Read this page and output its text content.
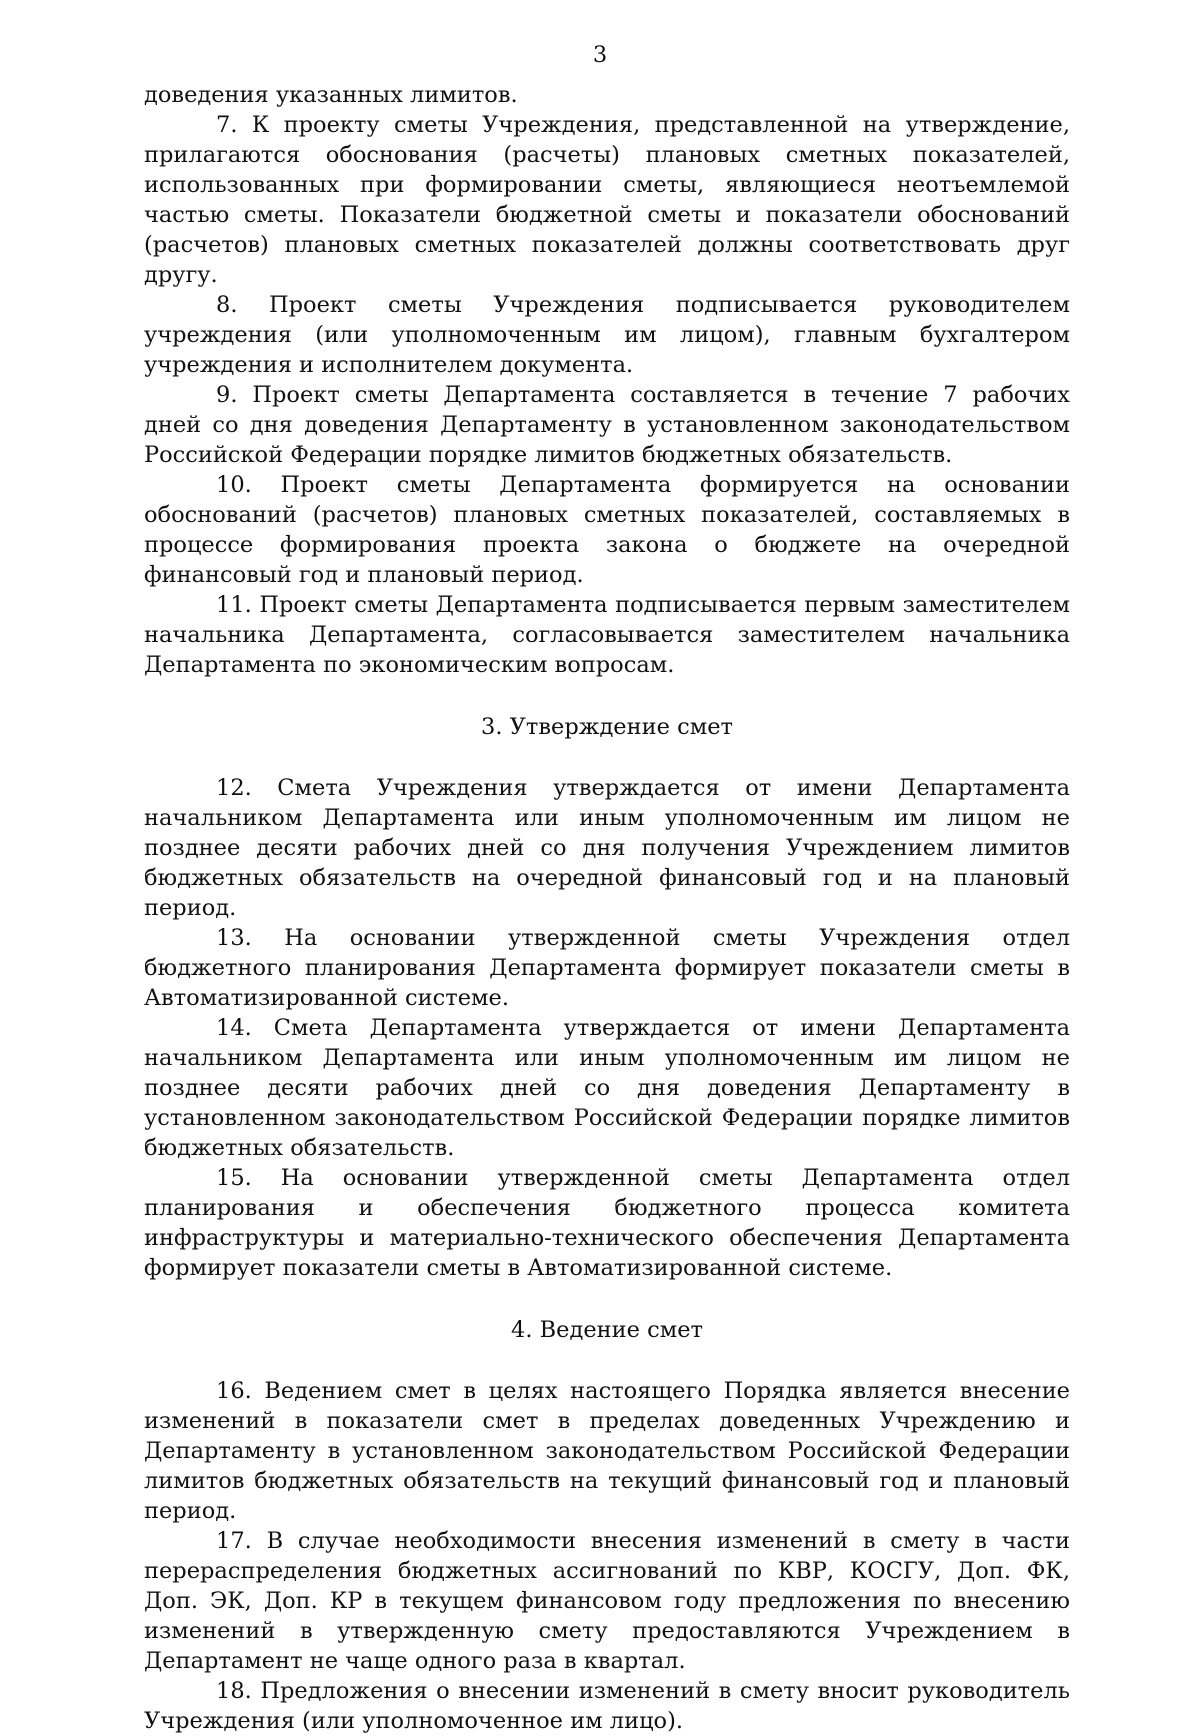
3

доведения указанных лимитов.

7. К проекту сметы Учреждения, представленной на утверждение, прилагаются обоснования (расчеты) плановых сметных показателей, использованных при формировании сметы, являющиеся неотъемлемой частью сметы. Показатели бюджетной сметы и показатели обоснований (расчетов) плановых сметных показателей должны соответствовать друг другу.

8. Проект сметы Учреждения подписывается руководителем учреждения (или уполномоченным им лицом), главным бухгалтером учреждения и исполнителем документа.

9. Проект сметы Департамента составляется в течение 7 рабочих дней со дня доведения Департаменту в установленном законодательством Российской Федерации порядке лимитов бюджетных обязательств.

10. Проект сметы Департамента формируется на основании обоснований (расчетов) плановых сметных показателей, составляемых в процессе формирования проекта закона о бюджете на очередной финансовый год и плановый период.

11. Проект сметы Департамента подписывается первым заместителем начальника Департамента, согласовывается заместителем начальника Департамента по экономическим вопросам.

3. Утверждение смет

12. Смета Учреждения утверждается от имени Департамента начальником Департамента или иным уполномоченным им лицом не позднее десяти рабочих дней со дня получения Учреждением лимитов бюджетных обязательств на очередной финансовый год и на плановый период.

13. На основании утвержденной сметы Учреждения отдел бюджетного планирования Департамента формирует показатели сметы в Автоматизированной системе.

14. Смета Департамента утверждается от имени Департамента начальником Департамента или иным уполномоченным им лицом не позднее десяти рабочих дней со дня доведения Департаменту в установленном законодательством Российской Федерации порядке лимитов бюджетных обязательств.

15. На основании утвержденной сметы Департамента отдел планирования и обеспечения бюджетного процесса комитета инфраструктуры и материально-технического обеспечения Департамента формирует показатели сметы в Автоматизированной системе.

4. Ведение смет

16. Ведением смет в целях настоящего Порядка является внесение изменений в показатели смет в пределах доведенных Учреждению и Департаменту в установленном законодательством Российской Федерации лимитов бюджетных обязательств на текущий финансовый год и плановый период.

17. В случае необходимости внесения изменений в смету в части перераспределения бюджетных ассигнований по КВР, КОСГУ, Доп. ФК, Доп. ЭК, Доп. КР в текущем финансовом году предложения по внесению изменений в утвержденную смету предоставляются Учреждением в Департамент не чаще одного раза в квартал.

18. Предложения о внесении изменений в смету вносит руководитель Учреждения (или уполномоченное им лицо).
